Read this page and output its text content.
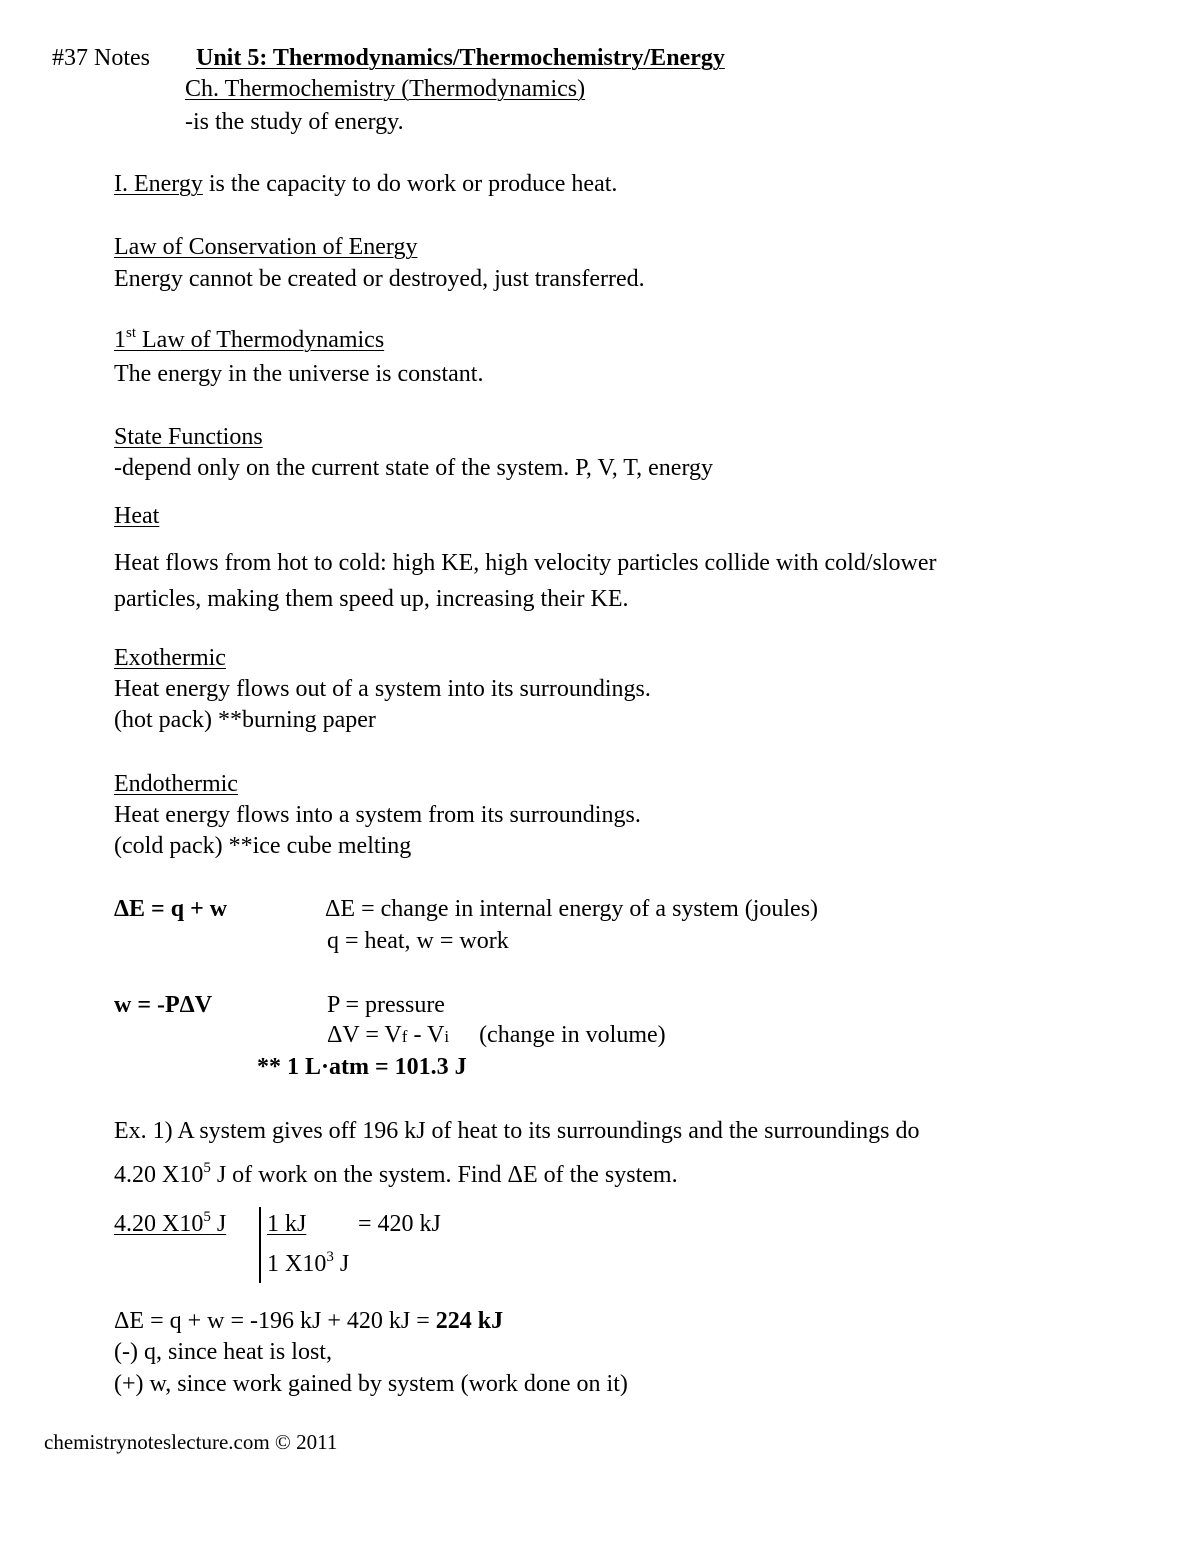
#37 Notes Unit 5: Thermodynamics/Thermochemistry/Energy
Ch. Thermochemistry (Thermodynamics)
-is the study of energy.
I. Energy is the capacity to do work or produce heat.
Law of Conservation of Energy
Energy cannot be created or destroyed, just transferred.
1st Law of Thermodynamics
The energy in the universe is constant.
State Functions
-depend only on the current state of the system. P, V, T, energy
Heat
Heat flows from hot to cold: high KE, high velocity particles collide with cold/slower
particles, making them speed up, increasing their KE.
Exothermic
Heat energy flows out of a system into its surroundings.
(hot pack) **burning paper
Endothermic
Heat energy flows into a system from its surroundings.
(cold pack) **ice cube melting
ΔE = q + w	ΔE = change in internal energy of a system (joules)
q = heat, w = work
w = -PΔV	P = pressure
ΔV = Vf - Vi     (change in volume)
** 1 L·atm = 101.3 J
Ex. 1) A system gives off 196 kJ of heat to its surroundings and the surroundings do
4.20 $X10^5$ J of work on the system. Find ΔE of the system.
4.20 $X10^5$ J 1 kJ = 420 kJ
1 $X10^3$ J
ΔE = q + w = -196 kJ + 420 kJ = 224 kJ
(-) q, since heat is lost,
(+) w, since work gained by system (work done on it)
chemistrynoteslecture.com © 2011
